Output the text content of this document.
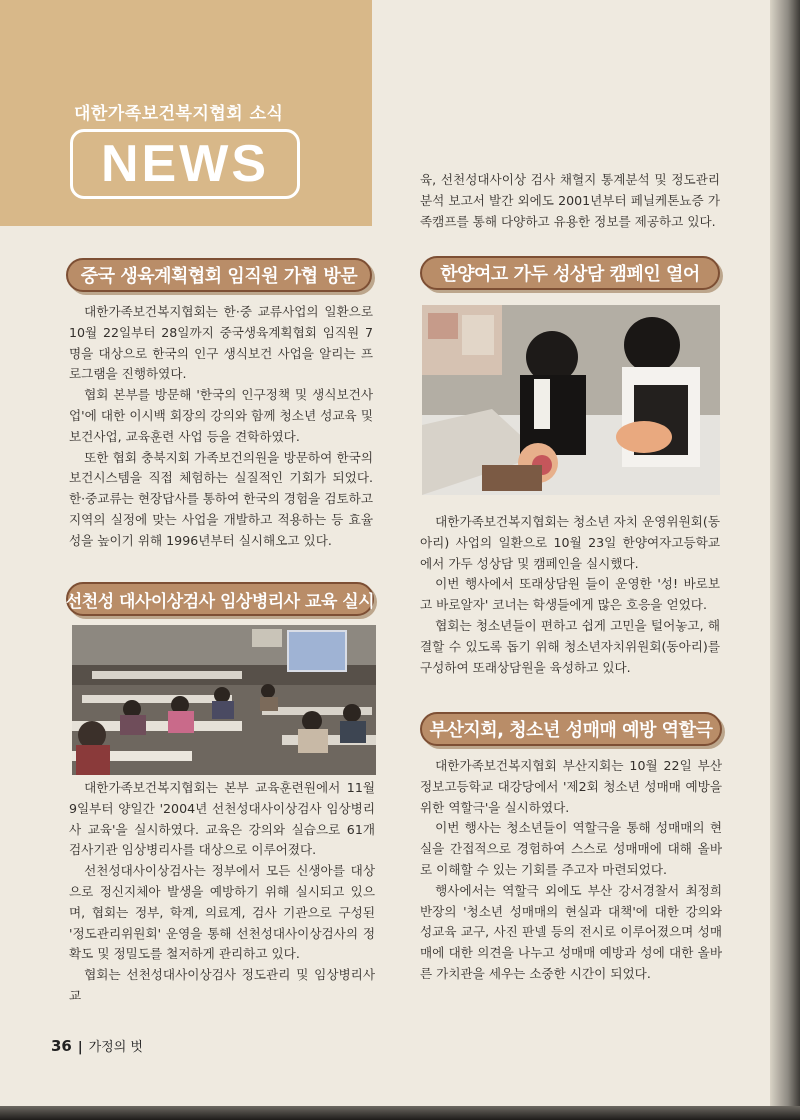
대한가족보건복지협회 소식
NEWS
중국 생육계획협회 임직원 가협 방문

대한가족보건복지협회는 한·중 교류사업의 일환으로 10월 22일부터 28일까지 중국생육계획협회 임직원 7명을 대상으로 한국의 인구 생식보건 사업을 알리는 프로그램을 진행하였다.

협회 본부를 방문해 '한국의 인구정책 및 생식보건사업'에 대한 이시백 회장의 강의와 함께 청소년 성교육 및 보건사업, 교육훈련 사업 등을 견학하였다.

또한 협회 충북지회 가족보건의원을 방문하여 한국의 보건시스템을 직접 체험하는 실질적인 기회가 되었다. 한·중교류는 현장답사를 통하여 한국의 경험을 검토하고 지역의 실정에 맞는 사업을 개발하고 적용하는 등 효율성을 높이기 위해 1996년부터 실시해오고 있다.

선천성 대사이상검사 임상병리사 교육 실시

대한가족보건복지협회는 본부 교육훈련원에서 11월 9일부터 양일간 '2004년 선천성대사이상검사 임상병리사 교육'을 실시하였다. 교육은 강의와 실습으로 61개 검사기관 임상병리사를 대상으로 이루어졌다.

선천성대사이상검사는 정부에서 모든 신생아를 대상으로 정신지체아 발생을 예방하기 위해 실시되고 있으며, 협회는 정부, 학계, 의료계, 검사 기관으로 구성된 '정도관리위원회' 운영을 통해 선천성대사이상검사의 정확도 및 정밀도를 철저하게 관리하고 있다.

협회는 선천성대사이상검사 정도관리 및 임상병리사 교

육, 선천성대사이상 검사 채혈지 통계분석 및 정도관리분석 보고서 발간 외에도 2001년부터 페닐케톤뇨증 가족캠프를 통해 다양하고 유용한 정보를 제공하고 있다.

한양여고 가두 성상담 캠페인 열어

대한가족보건복지협회는 청소년 자치 운영위원회(동아리) 사업의 일환으로 10월 23일 한양여자고등학교에서 가두 성상담 및 캠페인을 실시했다.

이번 행사에서 또래상담원 들이 운영한 '성! 바로보고 바로알자' 코너는 학생들에게 많은 호응을 얻었다.

협회는 청소년들이 편하고 쉽게 고민을 털어놓고, 해결할 수 있도록 돕기 위해 청소년자치위원회(동아리)를 구성하여 또래상담원을 육성하고 있다.

부산지회, 청소년 성매매 예방 역할극

대한가족보건복지협회 부산지회는 10월 22일 부산정보고등학교 대강당에서 '제2회 청소년 성매매 예방을 위한 역할극'을 실시하였다.

이번 행사는 청소년들이 역할극을 통해 성매매의 현실을 간접적으로 경험하여 스스로 성매매에 대해 올바로 이해할 수 있는 기회를 주고자 마련되었다.

행사에서는 역할극 외에도 부산 강서경찰서 최정희 반장의 '청소년 성매매의 현실과 대책'에 대한 강의와 성교육 교구, 사진 판넬 등의 전시로 이루어졌으며 성매매에 대한 의견을 나누고 성매매 예방과 성에 대한 올바른 가치관을 세우는 소중한 시간이 되었다.

36 | 가정의 벗
